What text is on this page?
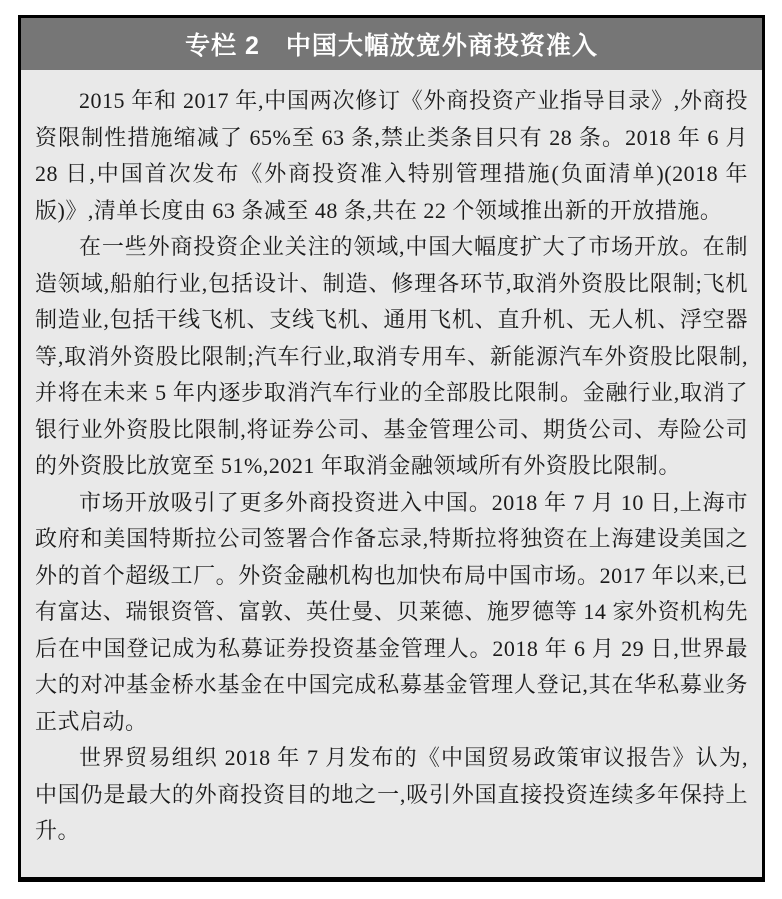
专栏 2　中国大幅放宽外商投资准入

2015 年和 2017 年,中国两次修订《外商投资产业指导目录》,外商投资限制性措施缩减了 65%至 63 条,禁止类条目只有 28 条。2018 年 6 月 28 日,中国首次发布《外商投资准入特别管理措施(负面清单)(2018 年版)》,清单长度由 63 条减至 48 条,共在 22 个领域推出新的开放措施。

在一些外商投资企业关注的领域,中国大幅度扩大了市场开放。在制造领域,船舶行业,包括设计、制造、修理各环节,取消外资股比限制;飞机制造业,包括干线飞机、支线飞机、通用飞机、直升机、无人机、浮空器等,取消外资股比限制;汽车行业,取消专用车、新能源汽车外资股比限制,并将在未来 5 年内逐步取消汽车行业的全部股比限制。金融行业,取消了银行业外资股比限制,将证券公司、基金管理公司、期货公司、寿险公司的外资股比放宽至 51%,2021 年取消金融领域所有外资股比限制。

市场开放吸引了更多外商投资进入中国。2018 年 7 月 10 日,上海市政府和美国特斯拉公司签署合作备忘录,特斯拉将独资在上海建设美国之外的首个超级工厂。外资金融机构也加快布局中国市场。2017 年以来,已有富达、瑞银资管、富敦、英仕曼、贝莱德、施罗德等 14 家外资机构先后在中国登记成为私募证券投资基金管理人。2018 年 6 月 29 日,世界最大的对冲基金桥水基金在中国完成私募基金管理人登记,其在华私募业务正式启动。

世界贸易组织 2018 年 7 月发布的《中国贸易政策审议报告》认为,中国仍是最大的外商投资目的地之一,吸引外国直接投资连续多年保持上升。
